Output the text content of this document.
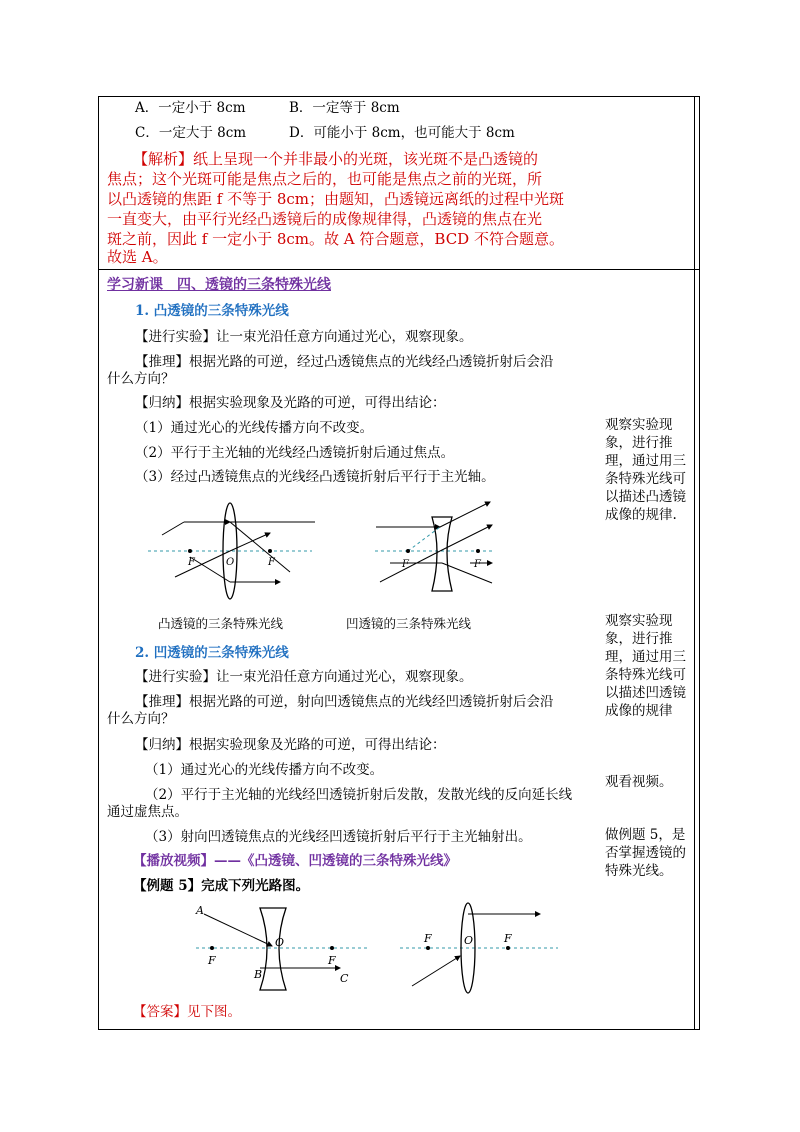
A．一定小于 8cm	B．一定等于 8cm
C．一定大于 8cm	D．可能小于 8cm，也可能大于 8cm
【解析】纸上呈现一个并非最小的光斑，该光斑不是凸透镜的
焦点；这个光斑可能是焦点之后的，也可能是焦点之前的光斑，所
以凸透镜的焦距 f 不等于 8cm；由题知，凸透镜远离纸的过程中光斑
一直变大，由平行光经凸透镜后的成像规律得，凸透镜的焦点在光
斑之前，因此 f 一定小于 8cm。故 A 符合题意，BCD 不符合题意。
故选 A。
学习新课　四、透镜的三条特殊光线
1. 凸透镜的三条特殊光线
【进行实验】让一束光沿任意方向通过光心，观察现象。
【推理】根据光路的可逆，经过凸透镜焦点的光线经凸透镜折射后会沿
什么方向？
【归纳】根据实验现象及光路的可逆，可得出结论：
（1）通过光心的光线传播方向不改变。
（2）平行于主光轴的光线经凸透镜折射后通过焦点。
（3）经过凸透镜焦点的光线经凸透镜折射后平行于主光轴。
F	O	F	F	F
凸透镜的三条特殊光线	凹透镜的三条特殊光线
2. 凹透镜的三条特殊光线
【进行实验】让一束光沿任意方向通过光心，观察现象。
【推理】根据光路的可逆，射向凹透镜焦点的光线经凹透镜折射后会沿
什么方向？
【归纳】根据实验现象及光路的可逆，可得出结论：
（1）通过光心的光线传播方向不改变。
（2）平行于主光轴的光线经凹透镜折射后发散，发散光线的反向延长线
通过虚焦点。
（3）射向凹透镜焦点的光线经凹透镜折射后平行于主光轴射出。
【播放视频】——《凸透镜、凹透镜的三条特殊光线》
【例题 5】完成下列光路图。
A
O
F	F
B	C
F	O	F
【答案】见下图。
观察实验现象，进行推理，通过用三条特殊光线可以描述凸透镜成像的规律.
观察实验现象，进行推理，通过用三条特殊光线可以描述凹透镜成像的规律
观看视频。
做例题 5，是否掌握透镜的特殊光线。
